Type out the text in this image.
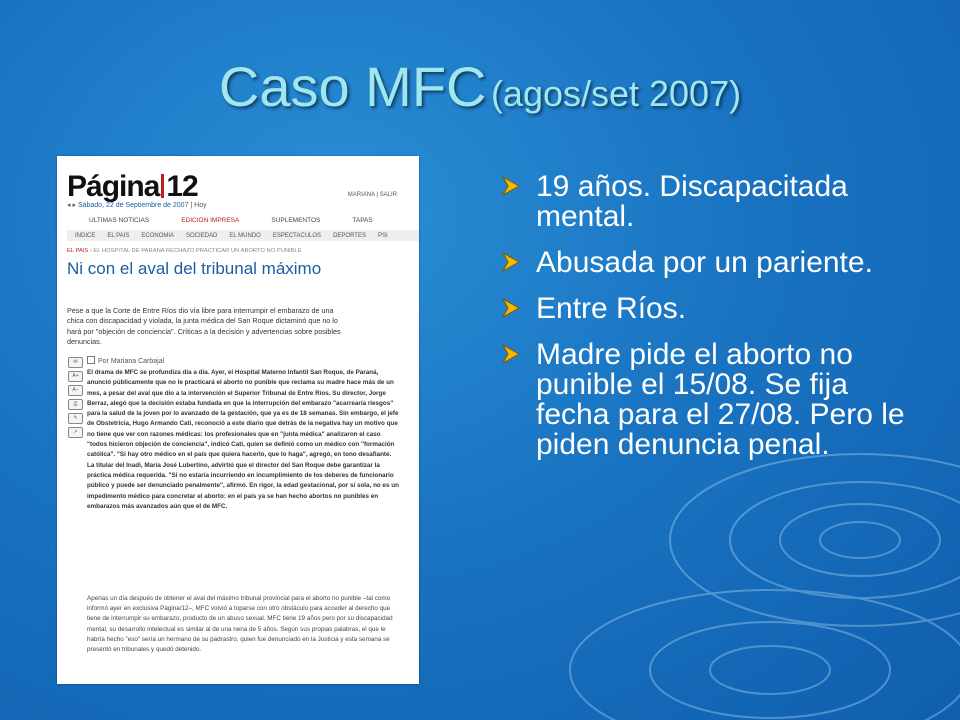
Caso MFC (agos/set 2007)
Página 12
◂ ▸ Sábado, 22 de Septiembre de 2007 | Hoy
MARIANA | SALIR
ULTIMAS NOTICIAS	EDICION IMPRESA	SUPLEMENTOS	TAPAS
INDICE EL PAIS ECONOMIA SOCIEDAD EL MUNDO ESPECTACULOS DEPORTES PSI
EL PAIS › EL HOSPITAL DE PARANA RECHAZO PRACTICAR UN ABORTO NO PUNIBLE
Ni con el aval del tribunal máximo
Pese a que la Corte de Entre Ríos dio vía libre para interrumpir el embarazo de una chica con discapacidad y violada, la junta médica del San Roque dictaminó que no lo hará por "objeción de conciencia". Críticas a la decisión y advertencias sobre posibles denuncias.
✉
A+
A−
⎙
✎
↗
Por Mariana Carbajal
El drama de MFC se profundiza día a día. Ayer, el Hospital Materno Infantil San Roque, de Paraná, anunció públicamente que no le practicará el aborto no punible que reclama su madre hace más de un mes, a pesar del aval que dio a la intervención el Superior Tribunal de Entre Ríos. Su director, Jorge Berraz, alegó que la decisión estaba fundada en que la interrupción del embarazo "acarrearía riesgos" para la salud de la joven por lo avanzado de la gestación, que ya es de 18 semanas. Sin embargo, el jefe de Obstetricia, Hugo Armando Cati, reconoció a este diario que detrás de la negativa hay un motivo que no tiene que ver con razones médicas: los profesionales que en "junta médica" analizaron el caso "todos hicieron objeción de conciencia", indicó Cati, quien se definió como un médico con "formación católica". "Si hay otro médico en el país que quiera hacerlo, que lo haga", agregó, en tono desafiante. La titular del Inadi, María José Lubertino, advirtió que el director del San Roque debe garantizar la práctica médica requerida. "Si no estaría incurriendo en incumplimiento de los deberes de funcionario público y puede ser denunciado penalmente", afirmó. En rigor, la edad gestacional, por sí sola, no es un impedimento médico para concretar el aborto: en el país ya se han hecho abortos no punibles en embarazos más avanzados aún que el de MFC.
Apenas un día después de obtener el aval del máximo tribunal provincial para el aborto no punible –tal como informó ayer en exclusiva Página/12–, MFC volvió a toparse con otro obstáculo para acceder al derecho que tiene de interrumpir su embarazo, producto de un abuso sexual. MFC tiene 19 años pero por su discapacidad mental, su desarrollo intelectual es similar al de una nena de 5 años. Según sus propias palabras, el que le habría hecho "eso" sería un hermano de su padrastro, quien fue denunciado en la Justicia y esta semana se presentó en tribunales y quedó detenido.
19 años. Discapacitada mental.
Abusada por un pariente.
Entre Ríos.
Madre pide el aborto no punible el 15/08. Se fija fecha para el 27/08. Pero le piden denuncia penal.
